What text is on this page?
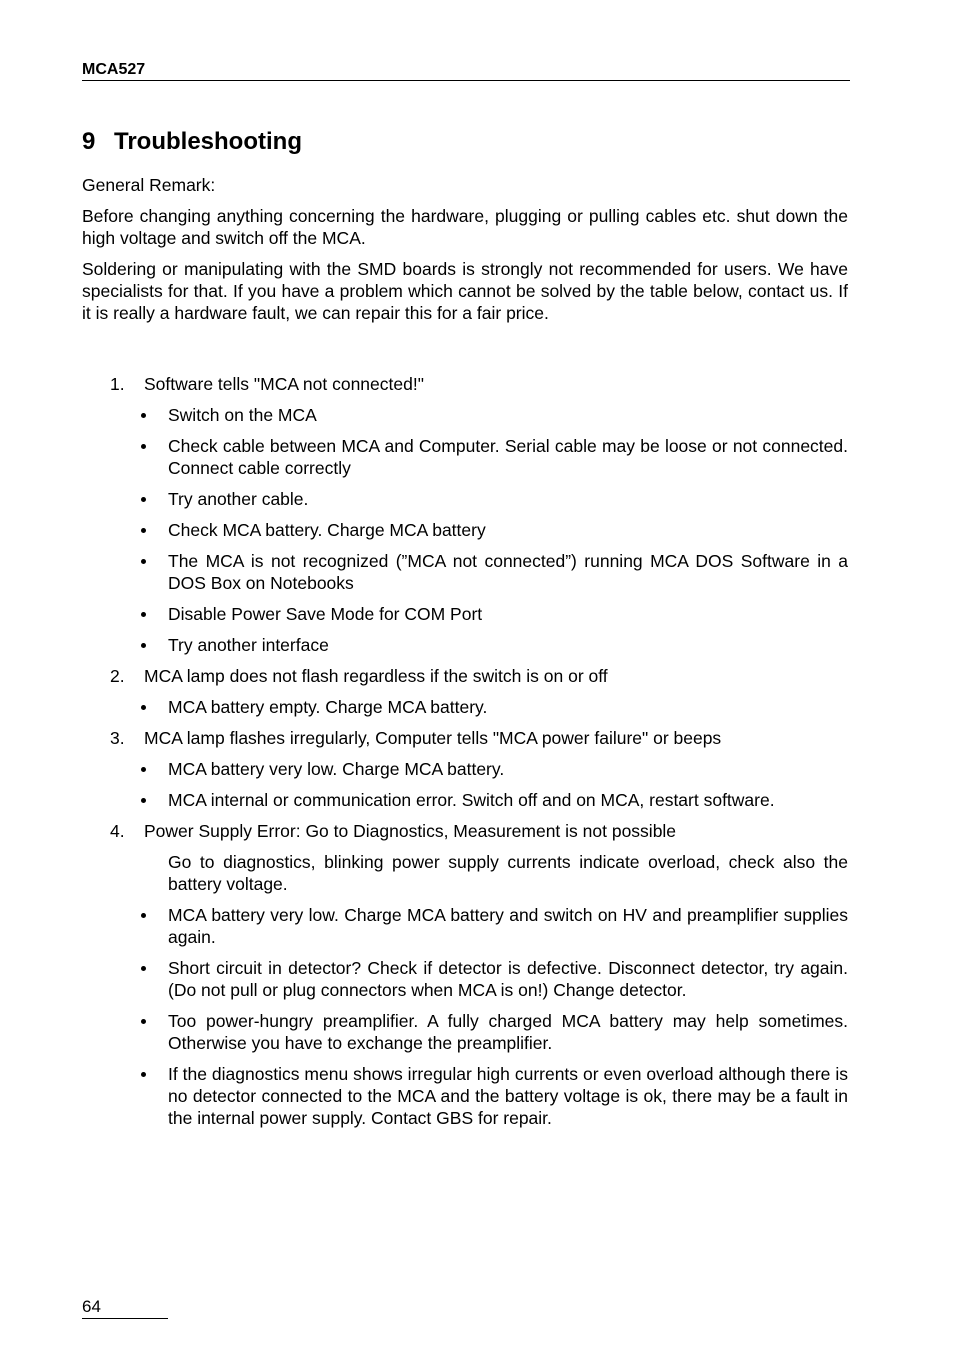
MCA527
9 Troubleshooting

General Remark:

Before changing anything concerning the hardware, plugging or pulling cables etc. shut down the high voltage and switch off the MCA.

Soldering or manipulating with the SMD boards is strongly not recommended for users. We have specialists for that. If you have a problem which cannot be solved by the table below, contact us. If it is really a hardware fault, we can repair this for a fair price.

1. Software tells "MCA not connected!"
Switch on the MCA
Check cable between MCA and Computer. Serial cable may be loose or not connected. Connect cable correctly
Try another cable.
Check MCA battery. Charge MCA battery
The MCA is not recognized (”MCA not connected”) running MCA DOS Software in a DOS Box on Notebooks
Disable Power Save Mode for COM Port
Try another interface
2. MCA lamp does not flash regardless if the switch is on or off
MCA battery empty. Charge MCA battery.
3. MCA lamp flashes irregularly, Computer tells "MCA power failure" or beeps
MCA battery very low. Charge MCA battery.
MCA internal or communication error. Switch off and on MCA, restart software.
4. Power Supply Error: Go to Diagnostics, Measurement is not possible
Go to diagnostics, blinking power supply currents indicate overload, check also the battery voltage.
MCA battery very low. Charge MCA battery and switch on HV and preamplifier supplies again.
Short circuit in detector? Check if detector is defective. Disconnect detector, try again. (Do not pull or plug connectors when MCA is on!) Change detector.
Too power-hungry preamplifier. A fully charged MCA battery may help sometimes. Otherwise you have to exchange the preamplifier.
If the diagnostics menu shows irregular high currents or even overload although there is no detector connected to the MCA and the battery voltage is ok, there may be a fault in the internal power supply. Contact GBS for repair.
64
